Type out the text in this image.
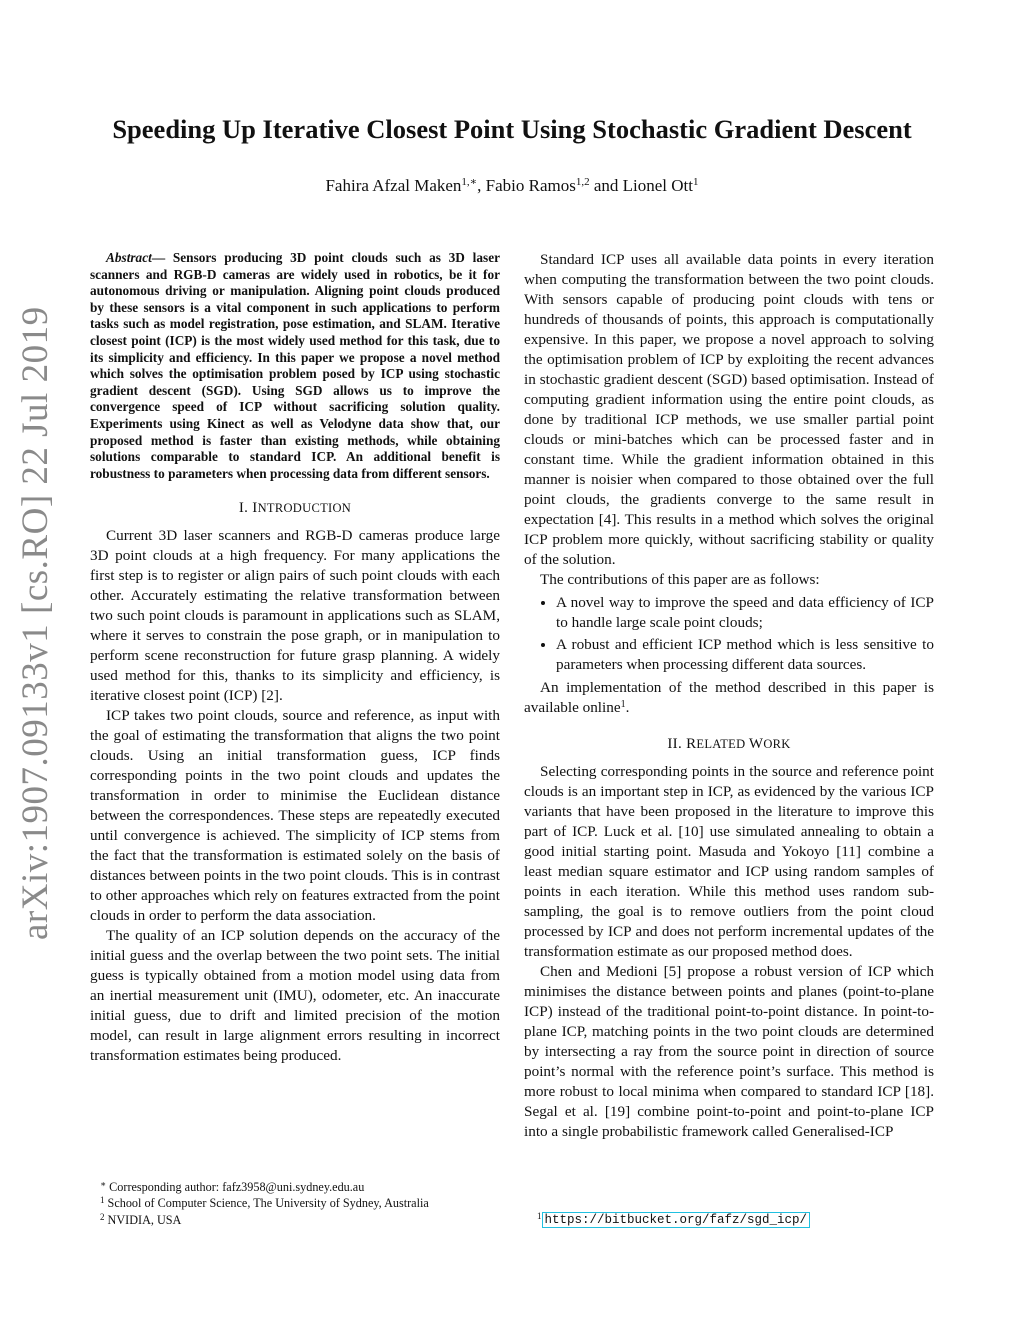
arXiv:1907.09133v1 [cs.RO] 22 Jul 2019
Speeding Up Iterative Closest Point Using Stochastic Gradient Descent
Fahira Afzal Maken$^{1,∗}$, Fabio Ramos$^{1,2}$ and Lionel Ott$^1$

Abstract— Sensors producing 3D point clouds such as 3D laser scanners and RGB-D cameras are widely used in robotics, be it for autonomous driving or manipulation. Aligning point clouds produced by these sensors is a vital component in such applications to perform tasks such as model registration, pose estimation, and SLAM. Iterative closest point (ICP) is the most widely used method for this task, due to its simplicity and efficiency. In this paper we propose a novel method which solves the optimisation problem posed by ICP using stochastic gradient descent (SGD). Using SGD allows us to improve the convergence speed of ICP without sacrificing solution quality. Experiments using Kinect as well as Velodyne data show that, our proposed method is faster than existing methods, while obtaining solutions comparable to standard ICP. An additional benefit is robustness to parameters when processing data from different sensors.

I. INTRODUCTION

Current 3D laser scanners and RGB-D cameras produce large 3D point clouds at a high frequency. For many applications the first step is to register or align pairs of such point clouds with each other. Accurately estimating the relative transformation between two such point clouds is paramount in applications such as SLAM, where it serves to constrain the pose graph, or in manipulation to perform scene reconstruction for future grasp planning. A widely used method for this, thanks to its simplicity and efficiency, is iterative closest point (ICP) [2].

ICP takes two point clouds, source and reference, as input with the goal of estimating the transformation that aligns the two point clouds. Using an initial transformation guess, ICP finds corresponding points in the two point clouds and updates the transformation in order to minimise the Euclidean distance between the correspondences. These steps are repeatedly executed until convergence is achieved. The simplicity of ICP stems from the fact that the transformation is estimated solely on the basis of distances between points in the two point clouds. This is in contrast to other approaches which rely on features extracted from the point clouds in order to perform the data association.

The quality of an ICP solution depends on the accuracy of the initial guess and the overlap between the two point sets. The initial guess is typically obtained from a motion model using data from an inertial measurement unit (IMU), odometer, etc. An inaccurate initial guess, due to drift and limited precision of the motion model, can result in large alignment errors resulting in incorrect transformation estimates being produced.

Standard ICP uses all available data points in every iteration when computing the transformation between the two point clouds. With sensors capable of producing point clouds with tens or hundreds of thousands of points, this approach is computationally expensive. In this paper, we propose a novel approach to solving the optimisation problem of ICP by exploiting the recent advances in stochastic gradient descent (SGD) based optimisation. Instead of computing gradient information using the entire point clouds, as done by traditional ICP methods, we use smaller partial point clouds or mini-batches which can be processed faster and in constant time. While the gradient information obtained in this manner is noisier when compared to those obtained over the full point clouds, the gradients converge to the same result in expectation [4]. This results in a method which solves the original ICP problem more quickly, without sacrificing stability or quality of the solution.

The contributions of this paper are as follows:

• A novel way to improve the speed and data efficiency of ICP to handle large scale point clouds;
• A robust and efficient ICP method which is less sensitive to parameters when processing different data sources.

An implementation of the method described in this paper is available online$^1$.

II. RELATED WORK

Selecting corresponding points in the source and reference point clouds is an important step in ICP, as evidenced by the various ICP variants that have been proposed in the literature to improve this part of ICP. Luck et al. [10] use simulated annealing to obtain a good initial starting point. Masuda and Yokoyo [11] combine a least median square estimator and ICP using random samples of points in each iteration. While this method uses random sub-sampling, the goal is to remove outliers from the point cloud processed by ICP and does not perform incremental updates of the transformation estimate as our proposed method does.

Chen and Medioni [5] propose a robust version of ICP which minimises the distance between points and planes (point-to-plane ICP) instead of the traditional point-to-point distance. In point-to-plane ICP, matching points in the two point clouds are determined by intersecting a ray from the source point in direction of source point’s normal with the reference point’s surface. This method is more robust to local minima when compared to standard ICP [18]. Segal et al. [19] combine point-to-point and point-to-plane ICP into a single probabilistic framework called Generalised-ICP

∗ Corresponding author: fafz3958@uni.sydney.edu.au
$^1$ School of Computer Science, The University of Sydney, Australia
$^2$ NVIDIA, USA	$^1$ https://bitbucket.org/fafz/sgd_icp/
